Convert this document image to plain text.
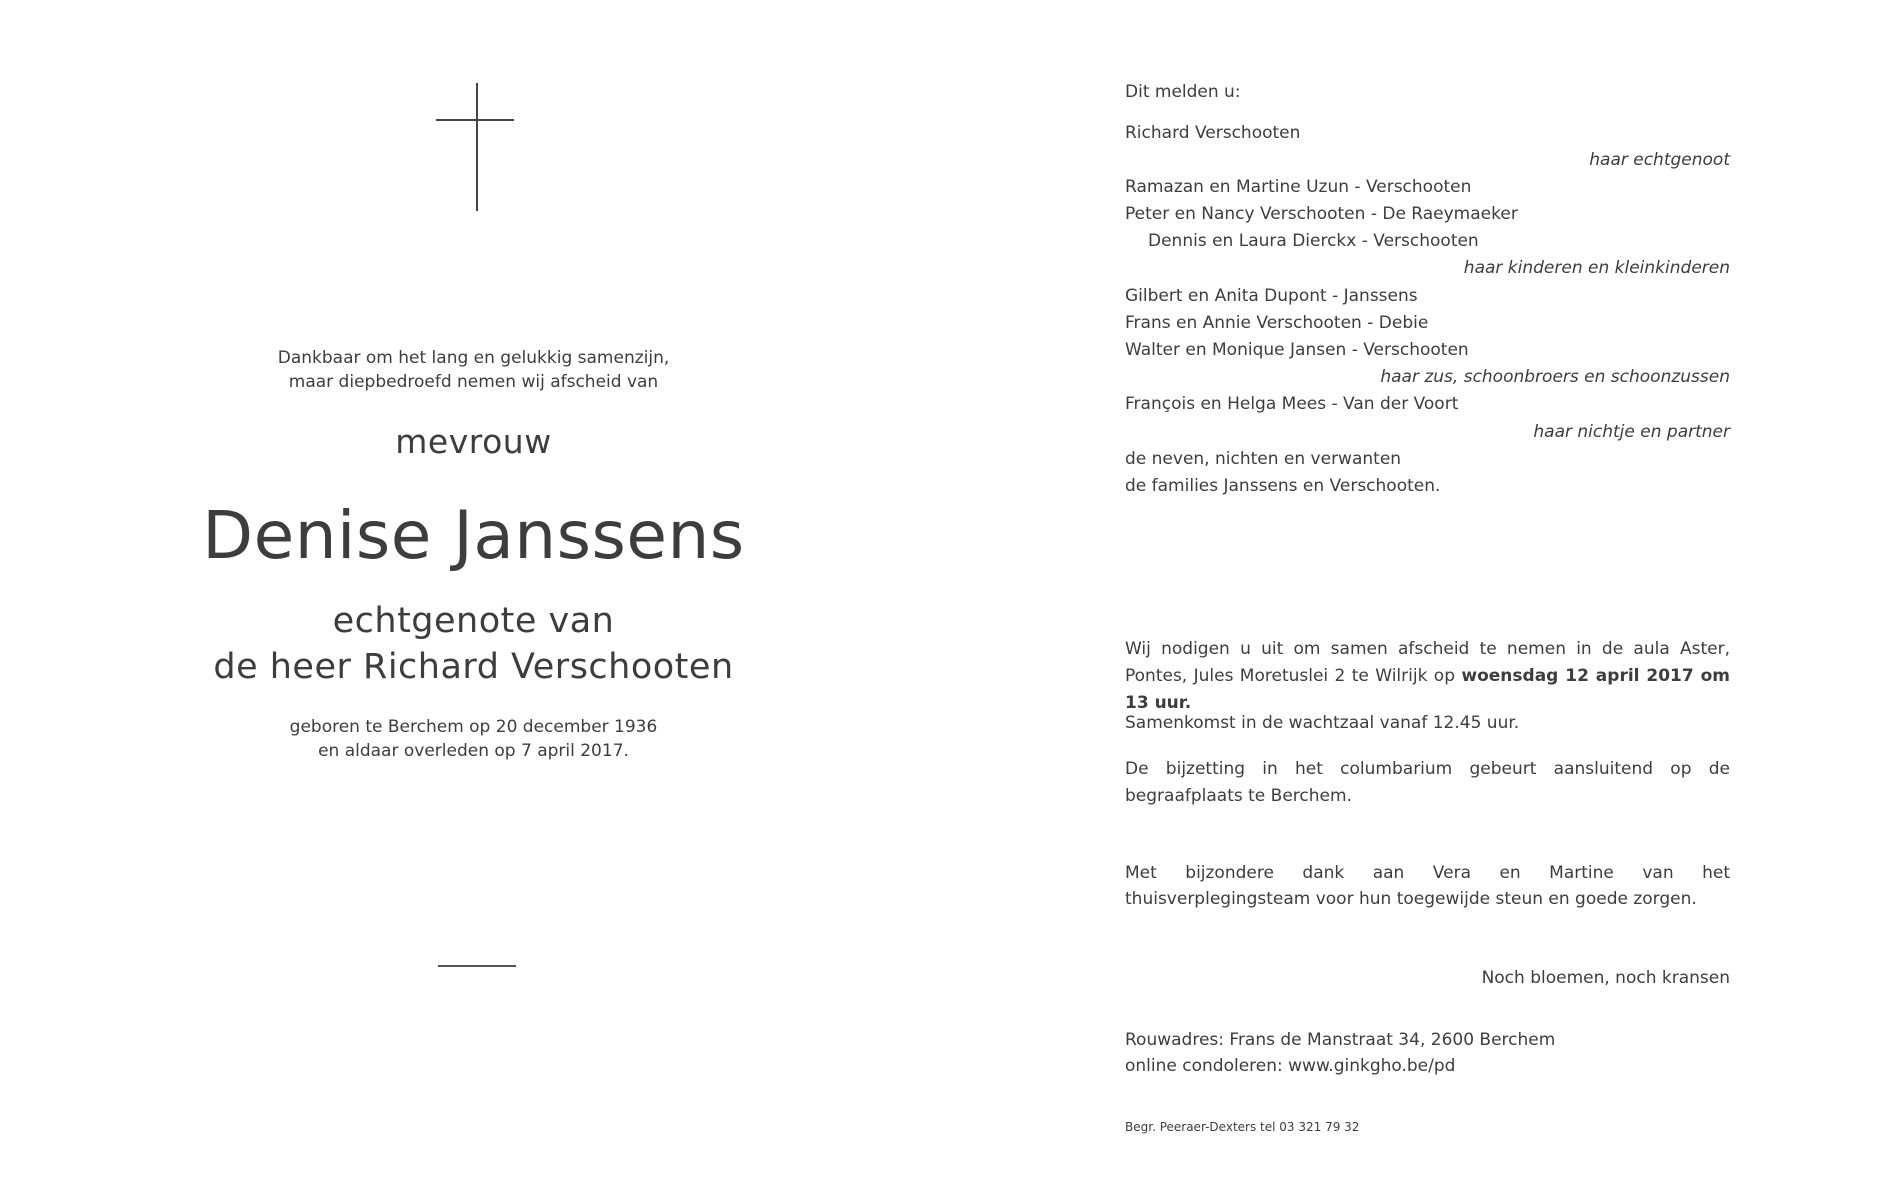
Dankbaar om het lang en gelukkig samenzijn,
maar diepbedroefd nemen wij afscheid van
mevrouw
Denise Janssens
echtgenote van
de heer Richard Verschooten
geboren te Berchem op 20 december 1936
en aldaar overleden op 7 april 2017.
Dit melden u:
Richard Verschooten
haar echtgenoot
Ramazan en Martine Uzun - Verschooten
Peter en Nancy Verschooten - De Raeymaeker
Dennis en Laura Dierckx - Verschooten
haar kinderen en kleinkinderen
Gilbert en Anita Dupont - Janssens
Frans en Annie Verschooten - Debie
Walter en Monique Jansen - Verschooten
haar zus, schoonbroers en schoonzussen
François en Helga Mees - Van der Voort
haar nichtje en partner
de neven, nichten en verwanten
de families Janssens en Verschooten.
Wij nodigen u uit om samen afscheid te nemen in de aula Aster, Pontes, Jules Moretuslei 2 te Wilrijk op woensdag 12 april 2017 om 13 uur.
Samenkomst in de wachtzaal vanaf 12.45 uur.
De bijzetting in het columbarium gebeurt aansluitend op de begraafplaats te Berchem.
Met bijzondere dank aan Vera en Martine van het thuisverplegingsteam voor hun toegewijde steun en goede zorgen.
Noch bloemen, noch kransen
Rouwadres: Frans de Manstraat 34, 2600 Berchem
online condoleren: www.ginkgho.be/pd
Begr. Peeraer-Dexters tel 03 321 79 32
